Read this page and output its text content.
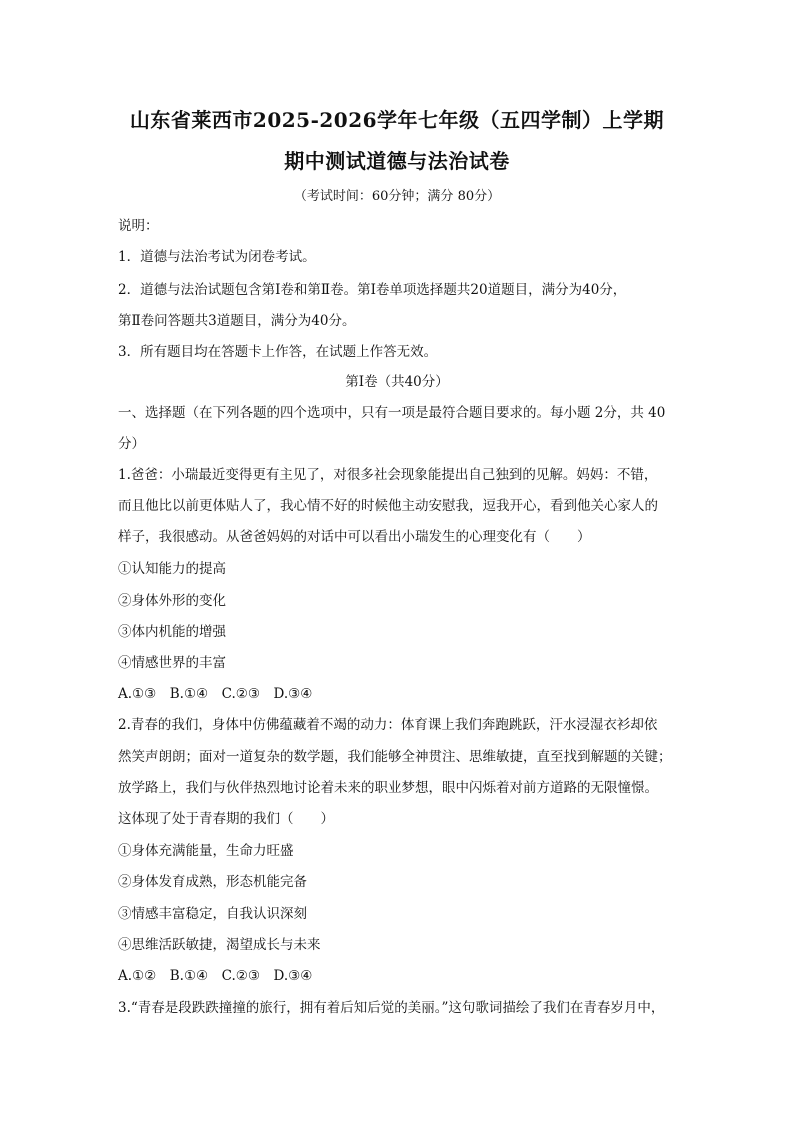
山东省莱西市2025-2026学年七年级（五四学制）上学期
期中测试道德与法治试卷
（考试时间：60分钟；满分 80分）
说明：
1．道德与法治考试为闭卷考试。
2．道德与法治试题包含第Ⅰ卷和第Ⅱ卷。第Ⅰ卷单项选择题共20道题目，满分为40分，
第Ⅱ卷问答题共3道题目，满分为40分。
3．所有题目均在答题卡上作答，在试题上作答无效。
第Ⅰ卷（共40分）
一、选择题（在下列各题的四个选项中，只有一项是最符合题目要求的。每小题 2分，共 40
分）
1.爸爸：小瑞最近变得更有主见了，对很多社会现象能提出自己独到的见解。妈妈：不错，
而且他比以前更体贴人了，我心情不好的时候他主动安慰我，逗我开心，看到他关心家人的
样子，我很感动。从爸爸妈妈的对话中可以看出小瑞发生的心理变化有（　　）
①认知能力的提高
②身体外形的变化
③体内机能的增强
④情感世界的丰富
A.①③　B.①④　C.②③　D.③④
2.青春的我们，身体中仿佛蕴藏着不竭的动力：体育课上我们奔跑跳跃，汗水浸湿衣衫却依
然笑声朗朗；面对一道复杂的数学题，我们能够全神贯注、思维敏捷，直至找到解题的关键；
放学路上，我们与伙伴热烈地讨论着未来的职业梦想，眼中闪烁着对前方道路的无限憧憬。
这体现了处于青春期的我们（　　）
①身体充满能量，生命力旺盛
②身体发育成熟，形态机能完备
③情感丰富稳定，自我认识深刻
④思维活跃敏捷，渴望成长与未来
A.①②　B.①④　C.②③　D.③④
3.“青春是段跌跌撞撞的旅行，拥有着后知后觉的美丽。”这句歌词描绘了我们在青春岁月中，
